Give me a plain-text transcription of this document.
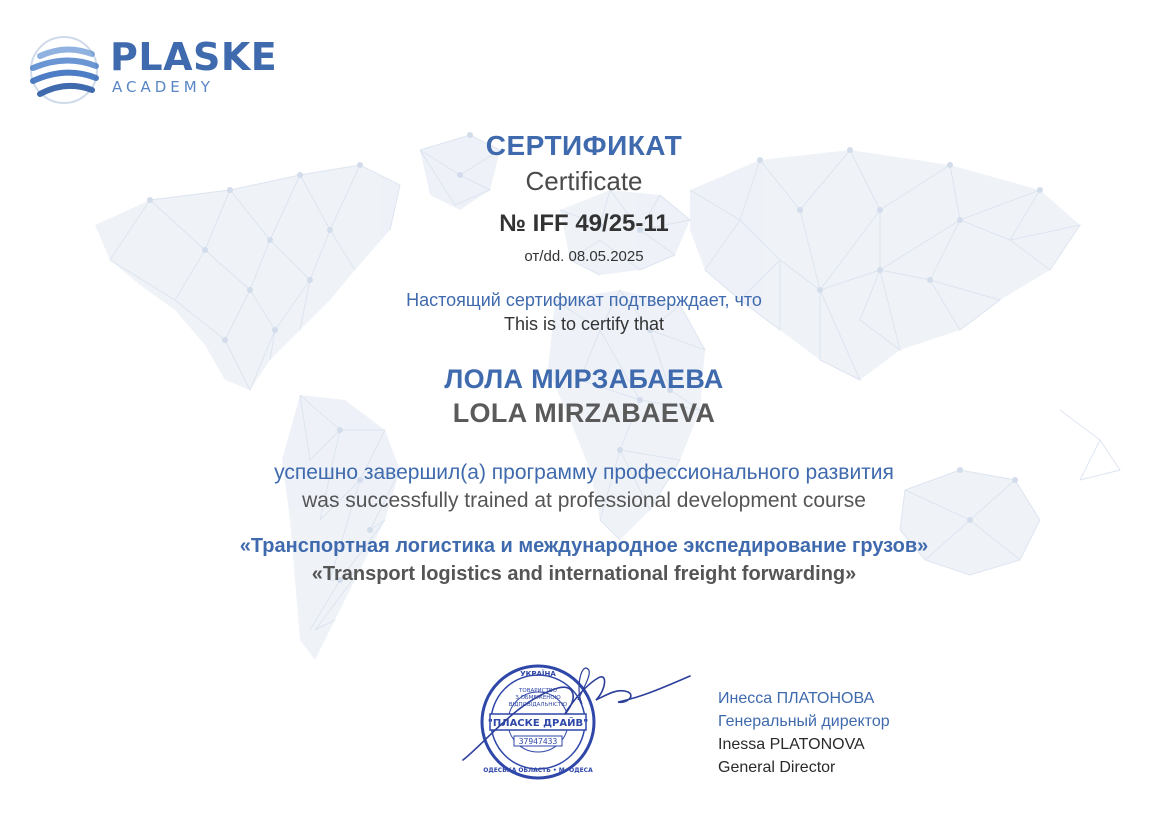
PLASKE
ACADEMY
СЕРТИФИКАТ
Certificate
№ IFF 49/25-11
от/dd. 08.05.2025
Настоящий сертификат подтверждает, что
This is to certify that
ЛОЛА МИРЗАБАЕВА
LOLA MIRZABAEVA
успешно завершил(а) программу профессионального развития
was successfully trained at professional development course
«Транспортная логистика и международное экспедирование грузов»
«Transport logistics and international freight forwarding»
"ПЛАСКЕ ДРАЙВ"
ТОВАРИСТВО
З ОБМЕЖЕНОЮ
ВІДПОВІДАЛЬНІСТЮ
37947433
УКРАЇНА
ОДЕСЬКА ОБЛАСТЬ • М. ОДЕСА
Инесса ПЛАТОНОВА
Генеральный директор
Inessa PLATONOVA
General Director
